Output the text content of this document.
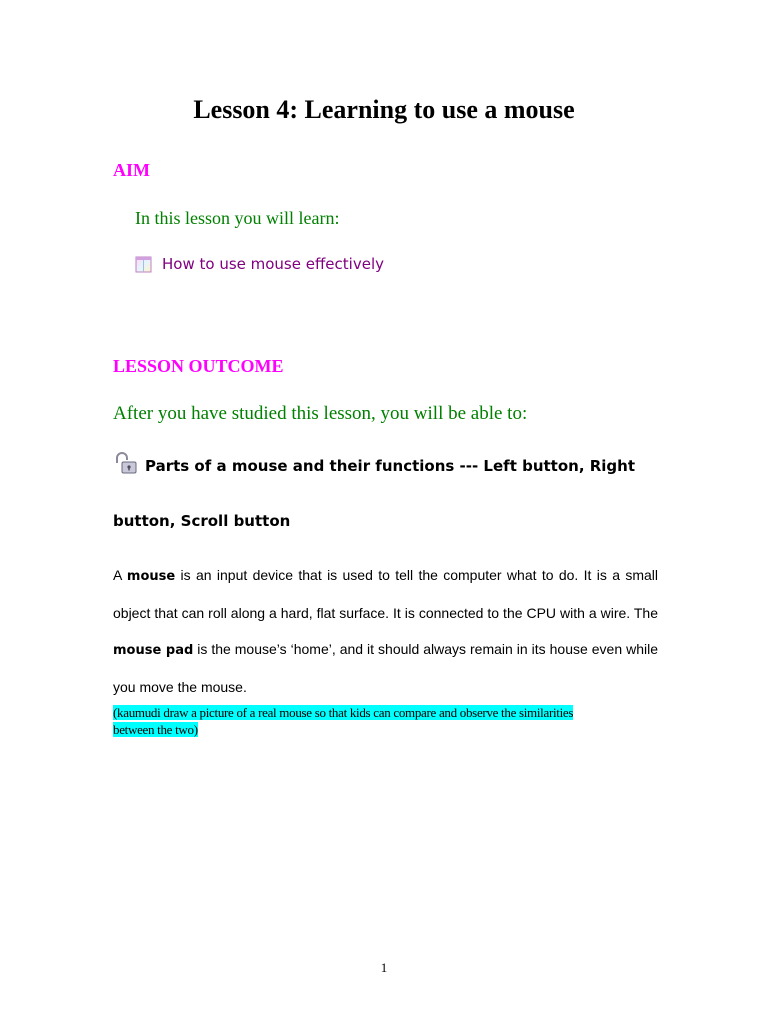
Lesson 4: Learning to use a mouse
AIM
In this lesson you will learn:
How to use mouse effectively
LESSON OUTCOME
After you have studied this lesson, you will be able to:
Parts of a mouse and their functions --- Left button, Right
button, Scroll button
A mouse is an input device that is used to tell the computer what to do. It is a small object that can roll along a hard, flat surface. It is connected to the CPU with a wire. The mouse pad is the mouse’s ‘home’, and it should always remain in its house even while you move the mouse.
(kaumudi draw a picture of a real mouse so that kids can compare and observe the similarities between the two)
1
